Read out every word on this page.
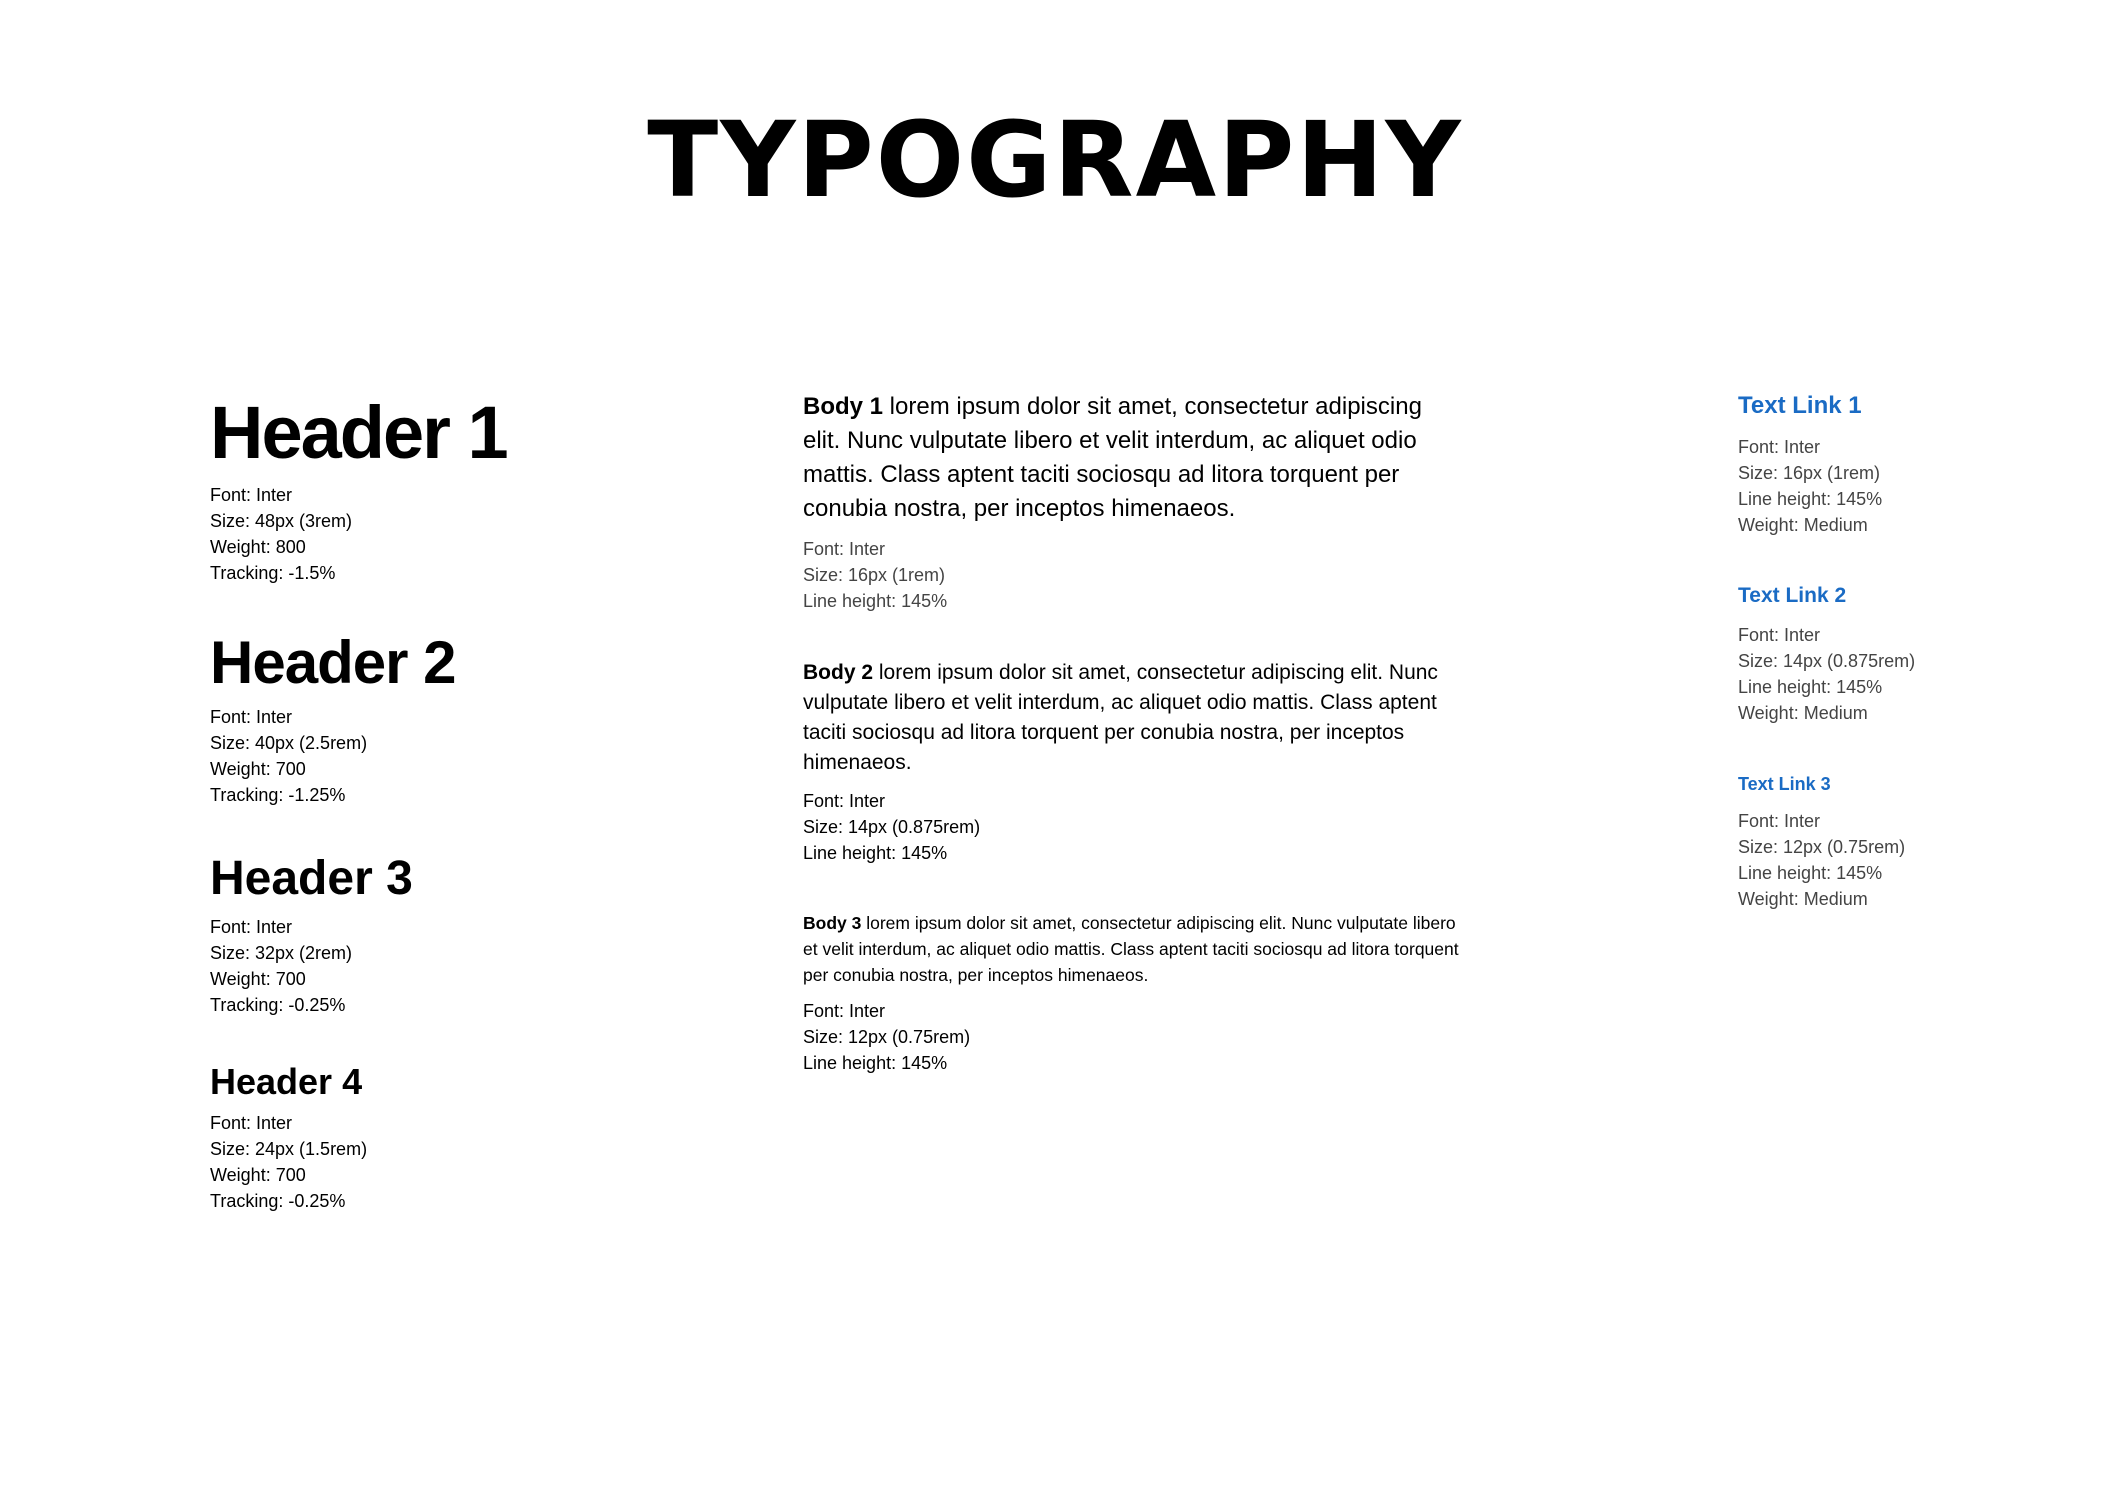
TYPOGRAPHY
Header 1
Font: Inter
Size: 48px (3rem)
Weight: 800
Tracking: -1.5%
Header 2
Font: Inter
Size: 40px (2.5rem)
Weight: 700
Tracking: -1.25%
Header 3
Font: Inter
Size: 32px (2rem)
Weight: 700
Tracking: -0.25%
Header 4
Font: Inter
Size: 24px (1.5rem)
Weight: 700
Tracking: -0.25%

Body 1 lorem ipsum dolor sit amet, consectetur adipiscing elit. Nunc vulputate libero et velit interdum, ac aliquet odio mattis. Class aptent taciti sociosqu ad litora torquent per conubia nostra, per inceptos himenaeos.

Font: Inter
Size: 16px (1rem)
Line height: 145%

Body 2 lorem ipsum dolor sit amet, consectetur adipiscing elit. Nunc vulputate libero et velit interdum, ac aliquet odio mattis. Class aptent taciti sociosqu ad litora torquent per conubia nostra, per inceptos himenaeos.

Font: Inter
Size: 14px (0.875rem)
Line height: 145%

Body 3 lorem ipsum dolor sit amet, consectetur adipiscing elit. Nunc vulputate libero et velit interdum, ac aliquet odio mattis. Class aptent taciti sociosqu ad litora torquent per conubia nostra, per inceptos himenaeos.

Font: Inter
Size: 12px (0.75rem)
Line height: 145%
Text Link 1
Font: Inter
Size: 16px (1rem)
Line height: 145%
Weight: Medium
Text Link 2
Font: Inter
Size: 14px (0.875rem)
Line height: 145%
Weight: Medium
Text Link 3
Font: Inter
Size: 12px (0.75rem)
Line height: 145%
Weight: Medium
